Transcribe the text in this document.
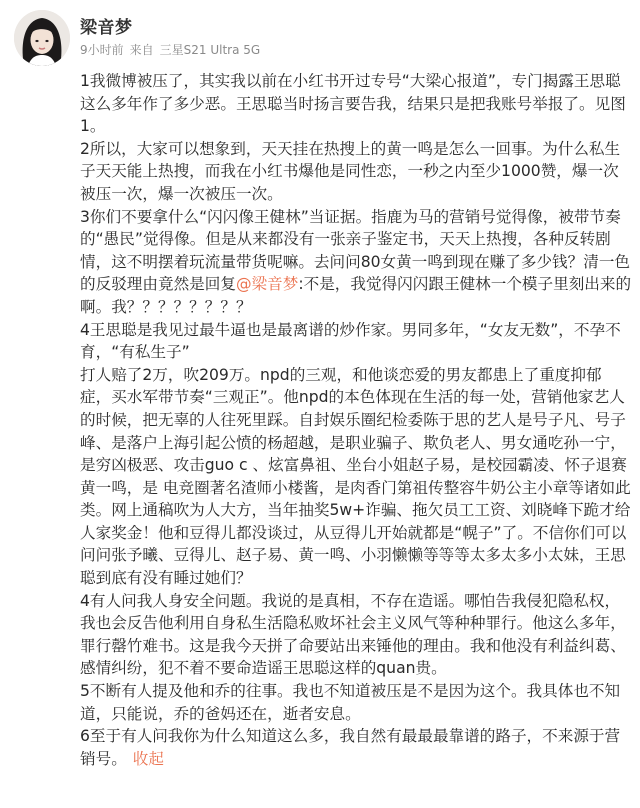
梁音梦
9小时前 来自 三星S21 Ultra 5G

1我微博被压了，其实我以前在小红书开过专号“大梁心报道”，专门揭露王思聪这么多年作了多少恶。王思聪当时扬言要告我，结果只是把我账号举报了。见图1。

2所以，大家可以想象到，天天挂在热搜上的黄一鸣是怎么一回事。为什么私生子天天能上热搜，而我在小红书爆他是同性恋，一秒之内至少1000赞，爆一次被压一次，爆一次被压一次。

3你们不要拿什么“闪闪像王健林”当证据。指鹿为马的营销号觉得像，被带节奏的“愚民”觉得像。但是从来都没有一张亲子鉴定书，天天上热搜，各种反转剧情，这不明摆着玩流量带货呢嘛。去问问80女黄一鸣到现在赚了多少钱？清一色的反驳理由竟然是回复@梁音梦:不是，我觉得闪闪跟王健林一个模子里刻出来的啊。我？？？？？？？？

4王思聪是我见过最牛逼也是最离谱的炒作家。男同多年，“女友无数”，不孕不育，“有私生子”

打人赔了2万，吹209万。npd的三观，和他谈恋爱的男友都患上了重度抑郁症，买水军带节奏“三观正”。他npd的本色体现在生活的每一处，营销他家艺人的时候，把无辜的人往死里踩。自封娱乐圈纪检委陈于思的艺人是号子凡、号子峰、是落户上海引起公愤的杨超越，是职业骗子、欺负老人、男女通吃孙一宁，是穷凶极恶、攻击guo c 、炫富鼻祖、坐台小姐赵子易，是校园霸凌、怀子退赛黄一鸣，是 电竞圈著名渣师小楼酱，是肉香门第祖传整容牛奶公主小章等诸如此类。网上通稿吹为人大方，当年抽奖5w+诈骗、拖欠员工工资、刘晓峰下跪才给人家奖金！他和豆得儿都没谈过，从豆得儿开始就都是“幌子”了。不信你们可以问问张予曦、豆得儿、赵子易、黄一鸣、小羽懒懒等等等太多太多小太妹，王思聪到底有没有睡过她们？

4有人问我人身安全问题。我说的是真相，不存在造谣。哪怕告我侵犯隐私权，我也会反告他利用自身私生活隐私败坏社会主义风气等种种罪行。他这么多年，罪行罄竹难书。这是我今天拼了命要站出来锤他的理由。我和他没有利益纠葛、感情纠纷，犯不着不要命造谣王思聪这样的quan贵。

5不断有人提及他和乔的往事。我也不知道被压是不是因为这个。我具体也不知道，只能说，乔的爸妈还在，逝者安息。

6至于有人问我你为什么知道这么多，我自然有最最最靠谱的路子，不来源于营销号。 收起
